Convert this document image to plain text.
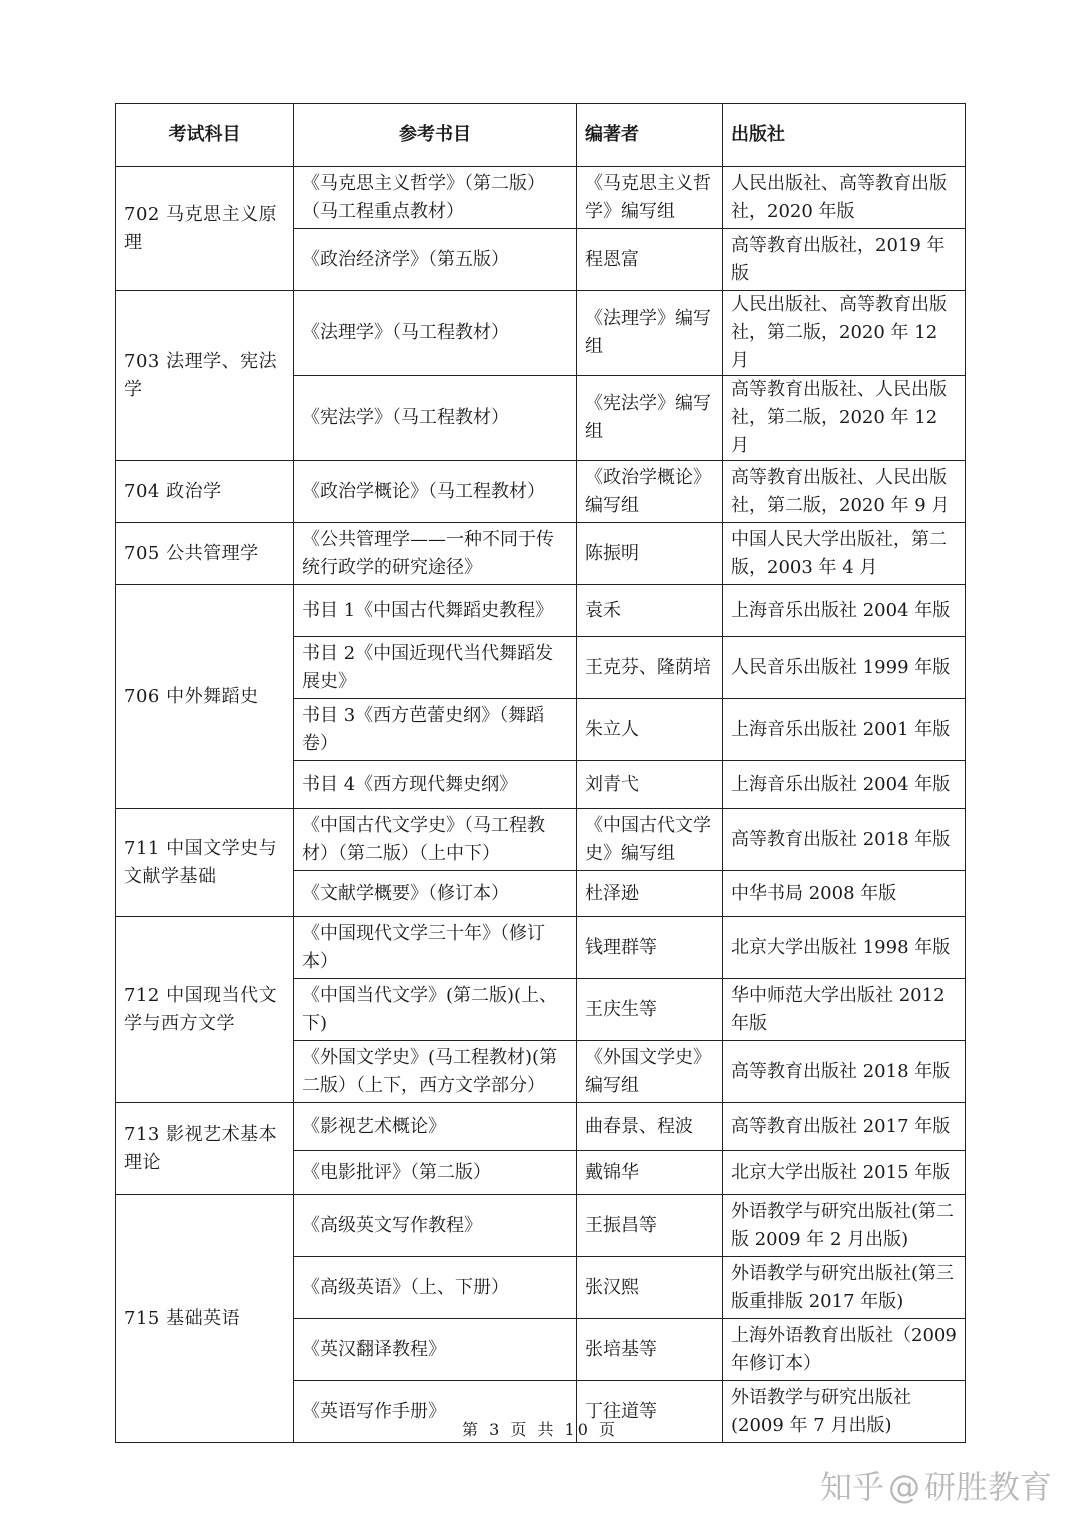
考试科目	参考书目	编著者	出版社
702 马克思主义原理	《马克思主义哲学》（第二版）（马工程重点教材）	《马克思主义哲学》编写组	人民出版社、高等教育出版社，2020 年版
	《政治经济学》（第五版）	程恩富	高等教育出版社，2019 年版
703 法理学、宪法学	《法理学》（马工程教材）	《法理学》编写组	人民出版社、高等教育出版社，第二版，2020 年 12 月
	《宪法学》（马工程教材）	《宪法学》编写组	高等教育出版社、人民出版社，第二版，2020 年 12 月
704 政治学	《政治学概论》（马工程教材）	《政治学概论》编写组	高等教育出版社、人民出版社，第二版，2020 年 9 月
705 公共管理学	《公共管理学——一种不同于传统行政学的研究途径》	陈振明	中国人民大学出版社，第二版，2003 年 4 月
706 中外舞蹈史	书目 1《中国古代舞蹈史教程》	袁禾	上海音乐出版社 2004 年版
	书目 2《中国近现代当代舞蹈发展史》	王克芬、隆荫培	人民音乐出版社 1999 年版
	书目 3《西方芭蕾史纲》（舞蹈卷）	朱立人	上海音乐出版社 2001 年版
	书目 4《西方现代舞史纲》	刘青弋	上海音乐出版社 2004 年版
711 中国文学史与文献学基础	《中国古代文学史》（马工程教材）（第二版）（上中下）	《中国古代文学史》编写组	高等教育出版社 2018 年版
	《文献学概要》（修订本）	杜泽逊	中华书局 2008 年版
712 中国现当代文学与西方文学	《中国现代文学三十年》（修订本）	钱理群等	北京大学出版社 1998 年版
	《中国当代文学》(第二版)(上、下)	王庆生等	华中师范大学出版社 2012 年版
	《外国文学史》(马工程教材)(第二版）（上下，西方文学部分）	《外国文学史》编写组	高等教育出版社 2018 年版
713 影视艺术基本理论	《影视艺术概论》	曲春景、程波	高等教育出版社 2017 年版
	《电影批评》（第二版）	戴锦华	北京大学出版社 2015 年版
715 基础英语	《高级英文写作教程》	王振昌等	外语教学与研究出版社(第二版 2009 年 2 月出版)
	《高级英语》（上、下册）	张汉熙	外语教学与研究出版社(第三版重排版 2017 年版)
	《英汉翻译教程》	张培基等	上海外语教育出版社（2009 年修订本）
	《英语写作手册》	丁往道等	外语教学与研究出版社(2009 年 7 月出版)
第 3 页 共 10 页
知乎 @ 研胜教育
